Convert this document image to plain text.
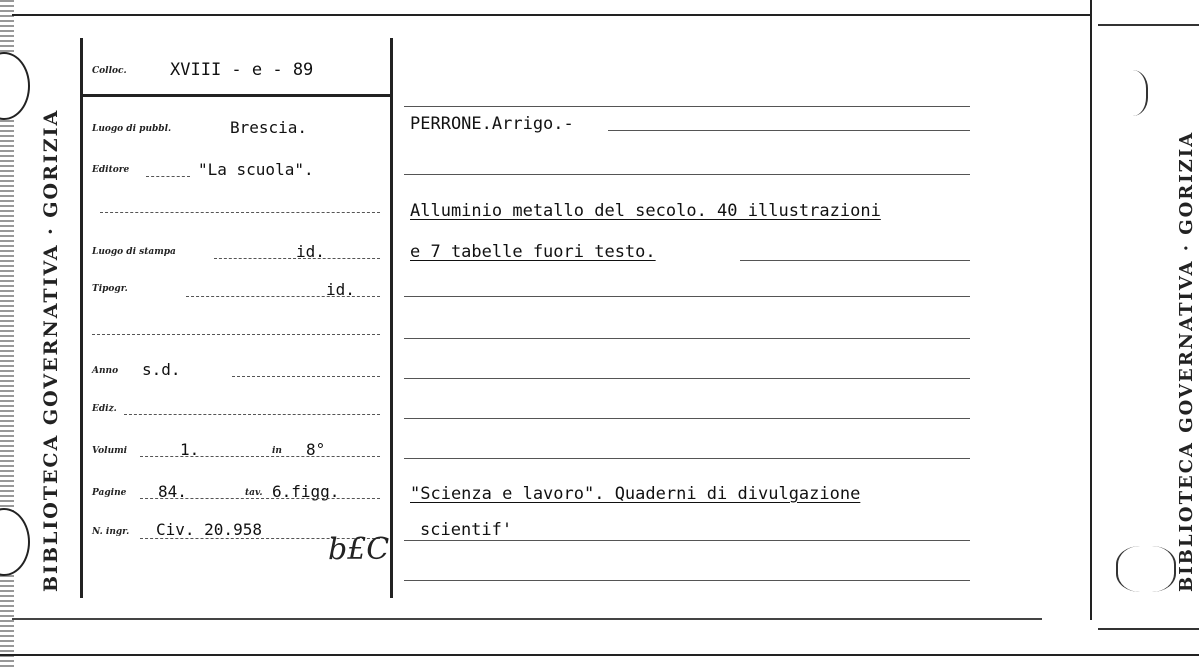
BIBLIOTECA GOVERNATIVA · GORIZIA
Colloc.	XVIII - e - 89
Luogo di pubbl.	Brescia.
Editore	"La scuola".
Luogo di stampa	id.
Tipogr.	id.
Anno s.d.
Ediz.
Volumi	1.	in 8°
Pagine 84.	tav. 6.figg.
N. ingr. Civ. 20.958
b£C
PERRONE.Arrigo.-
Alluminio metallo del secolo. 40 illustrazioni
e 7 tabelle fuori testo.
"Scienza e lavoro". Quaderni di divulgazione
scientif'	BIBLIOTECA GOVERNATIVA · GORIZIA
